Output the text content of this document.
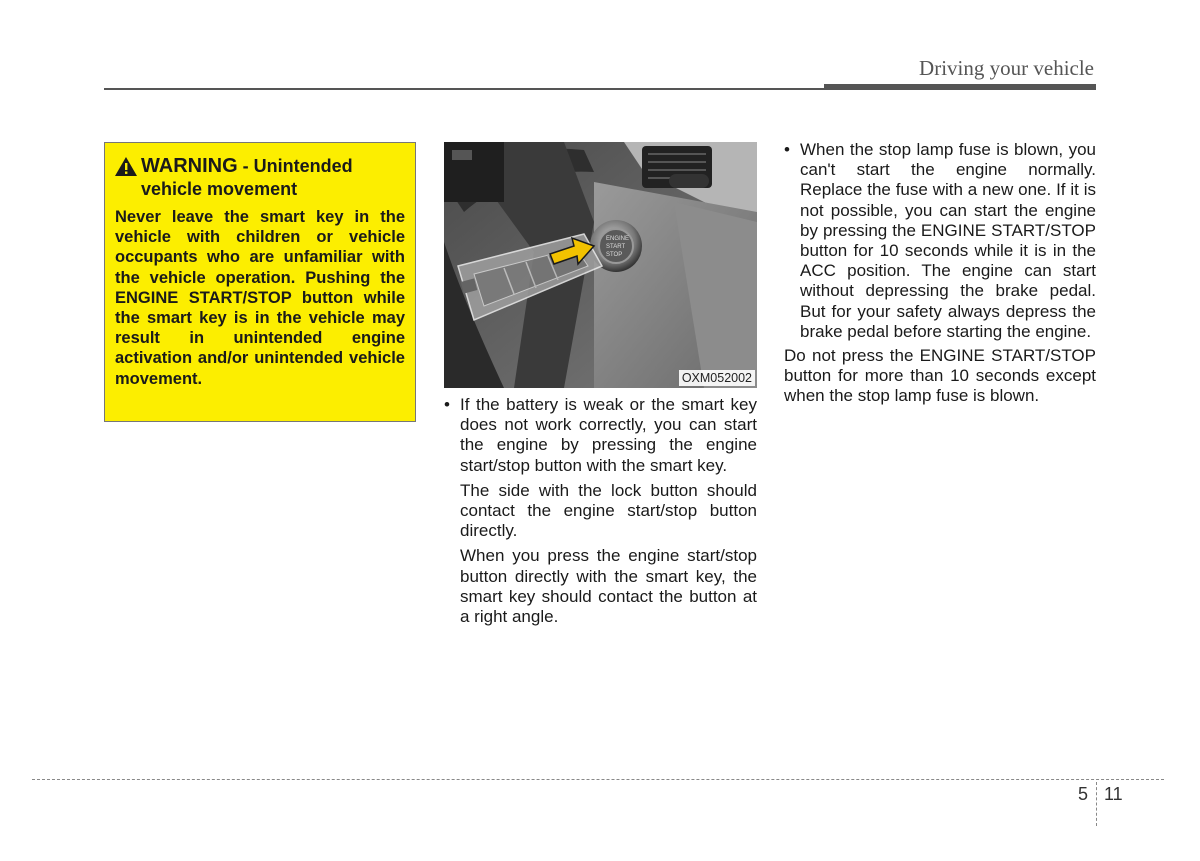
Driving your vehicle
WARNING - Unintended
vehicle movement
Never leave the smart key in the vehicle with children or vehicle occupants who are unfamiliar with the vehicle operation. Pushing the ENGINE START/STOP button while the smart key is in the vehicle may result in unintended engine activation and/or unintended vehicle movement.
ENGINE
START
STOP
OXM052002
• If the battery is weak or the smart key does not work correctly, you can start the engine by pressing the engine start/stop button with the smart key.

The side with the lock button should contact the engine start/stop button directly.

When you press the engine start/stop button directly with the smart key, the smart key should contact the button at a right angle.

• When the stop lamp fuse is blown, you can't start the engine normally. Replace the fuse with a new one. If it is not possible, you can start the engine by pressing the ENGINE START/STOP button for 10 seconds while it is in the ACC position. The engine can start without depressing the brake pedal. But for your safety always depress the brake pedal before starting the engine.

Do not press the ENGINE START/STOP button for more than 10 seconds except when the stop lamp fuse is blown.

5 11
